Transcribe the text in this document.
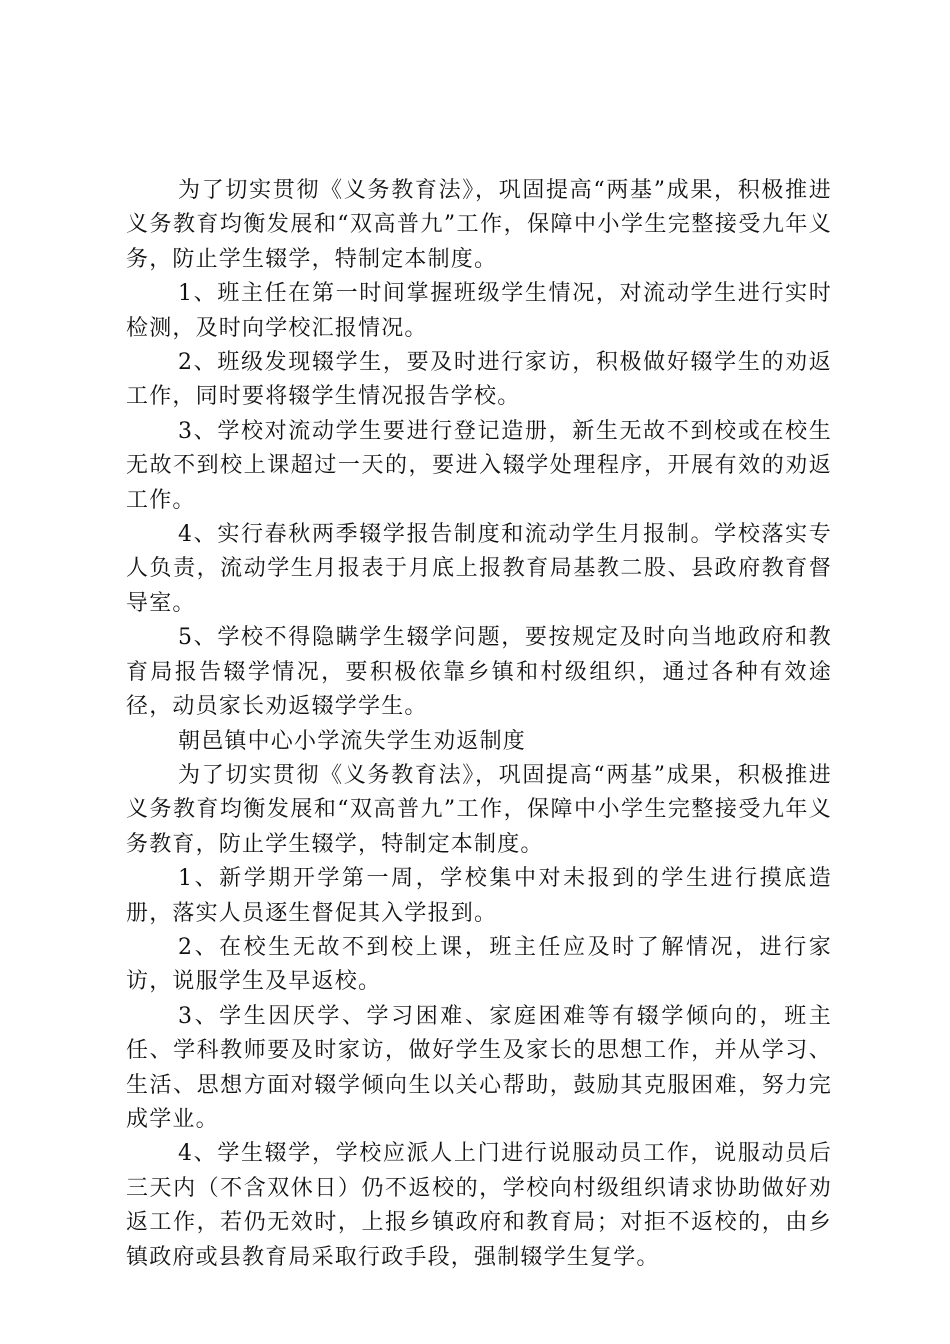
为了切实贯彻《义务教育法》，巩固提高“两基”成果，积极推进义务教育均衡发展和“双高普九”工作，保障中小学生完整接受九年义务，防止学生辍学，特制定本制度。

1、班主任在第一时间掌握班级学生情况，对流动学生进行实时检测，及时向学校汇报情况。

2、班级发现辍学生，要及时进行家访，积极做好辍学生的劝返工作，同时要将辍学生情况报告学校。

3、学校对流动学生要进行登记造册，新生无故不到校或在校生无故不到校上课超过一天的，要进入辍学处理程序，开展有效的劝返工作。

4、实行春秋两季辍学报告制度和流动学生月报制。学校落实专人负责，流动学生月报表于月底上报教育局基教二股、县政府教育督导室。

5、学校不得隐瞒学生辍学问题，要按规定及时向当地政府和教育局报告辍学情况，要积极依靠乡镇和村级组织，通过各种有效途径，动员家长劝返辍学学生。

朝邑镇中心小学流失学生劝返制度

为了切实贯彻《义务教育法》，巩固提高“两基”成果，积极推进义务教育均衡发展和“双高普九”工作，保障中小学生完整接受九年义务教育，防止学生辍学，特制定本制度。

1、新学期开学第一周，学校集中对未报到的学生进行摸底造册，落实人员逐生督促其入学报到。

2、在校生无故不到校上课，班主任应及时了解情况，进行家访，说服学生及早返校。

3、学生因厌学、学习困难、家庭困难等有辍学倾向的，班主任、学科教师要及时家访，做好学生及家长的思想工作，并从学习、生活、思想方面对辍学倾向生以关心帮助，鼓励其克服困难，努力完成学业。

4、学生辍学，学校应派人上门进行说服动员工作，说服动员后三天内（不含双休日）仍不返校的，学校向村级组织请求协助做好劝返工作，若仍无效时，上报乡镇政府和教育局；对拒不返校的，由乡镇政府或县教育局采取行政手段，强制辍学生复学。
